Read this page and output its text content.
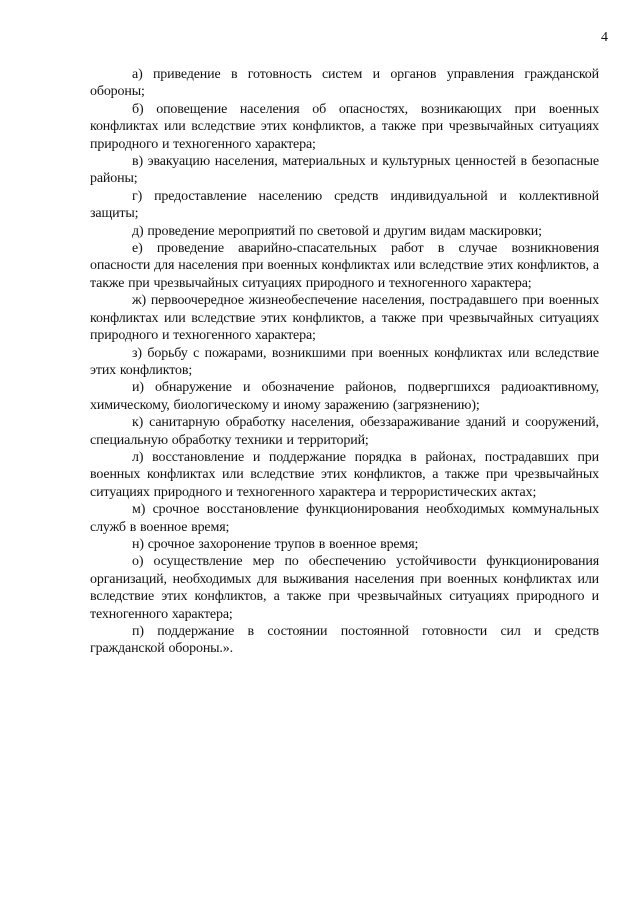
4

а) приведение в готовность систем и органов управления гражданской обороны;

б) оповещение населения об опасностях, возникающих при военных конфликтах или вследствие этих конфликтов, а также при чрезвычайных ситуациях природного и техногенного характера;

в) эвакуацию населения, материальных и культурных ценностей в безопасные районы;

г) предоставление населению средств индивидуальной и коллективной защиты;

д) проведение мероприятий по световой и другим видам маскировки;

е) проведение аварийно-спасательных работ в случае возникновения опасности для населения при военных конфликтах или вследствие этих конфликтов, а также при чрезвычайных ситуациях природного и техногенного характера;

ж) первоочередное жизнеобеспечение населения, пострадавшего при военных конфликтах или вследствие этих конфликтов, а также при чрезвычайных ситуациях природного и техногенного характера;

з) борьбу с пожарами, возникшими при военных конфликтах или вследствие этих конфликтов;

и) обнаружение и обозначение районов, подвергшихся радиоактивному, химическому, биологическому и иному заражению (загрязнению);

к) санитарную обработку населения, обеззараживание зданий и сооружений, специальную обработку техники и территорий;

л) восстановление и поддержание порядка в районах, пострадавших при военных конфликтах или вследствие этих конфликтов, а также при чрезвычайных ситуациях природного и техногенного характера и террористических актах;

м) срочное восстановление функционирования необходимых коммунальных служб в военное время;

н) срочное захоронение трупов в военное время;

о) осуществление мер по обеспечению устойчивости функционирования организаций, необходимых для выживания населения при военных конфликтах или вследствие этих конфликтов, а также при чрезвычайных ситуациях природного и техногенного характера;

п) поддержание в состоянии постоянной готовности сил и средств гражданской обороны.».
